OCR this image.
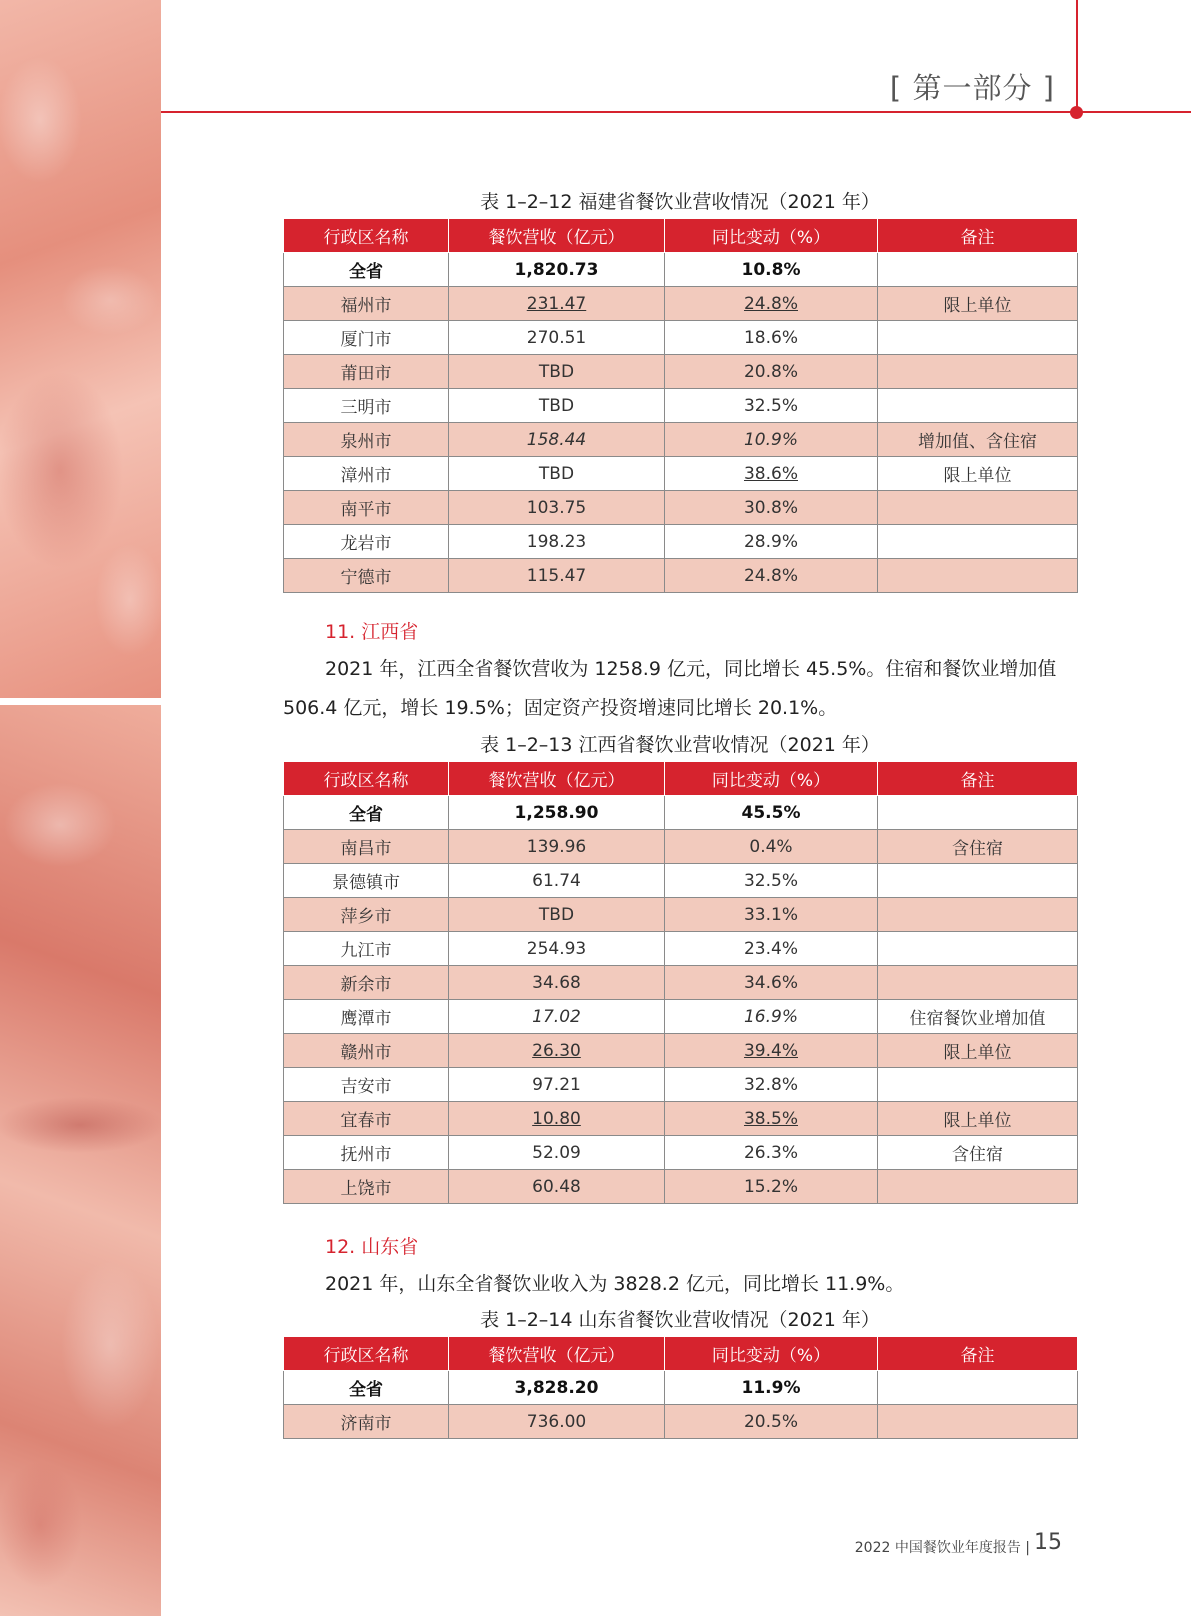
[ 第一部分 ]
表 1–2–12 福建省餐饮业营收情况（2021 年）
行政区名称	餐饮营收（亿元）	同比变动（%）	备注
全省	1,820.73	10.8%	
福州市	231.47	24.8%	限上单位
厦门市	270.51	18.6%	
莆田市	TBD	20.8%	
三明市	TBD	32.5%	
泉州市	158.44	10.9%	增加值、含住宿
漳州市	TBD	38.6%	限上单位
南平市	103.75	30.8%	
龙岩市	198.23	28.9%	
宁德市	115.47	24.8%	
11. 江西省

2021 年，江西全省餐饮营收为 1258.9 亿元，同比增长 45.5%。住宿和餐饮业增加值 506.4 亿元，增长 19.5%；固定资产投资增速同比增长 20.1%。

表 1–2–13 江西省餐饮业营收情况（2021 年）
行政区名称	餐饮营收（亿元）	同比变动（%）	备注
全省	1,258.90	45.5%	
南昌市	139.96	0.4%	含住宿
景德镇市	61.74	32.5%	
萍乡市	TBD	33.1%	
九江市	254.93	23.4%	
新余市	34.68	34.6%	
鹰潭市	17.02	16.9%	住宿餐饮业增加值
赣州市	26.30	39.4%	限上单位
吉安市	97.21	32.8%	
宜春市	10.80	38.5%	限上单位
抚州市	52.09	26.3%	含住宿
上饶市	60.48	15.2%	
12. 山东省

2021 年，山东全省餐饮业收入为 3828.2 亿元，同比增长 11.9%。

表 1–2–14 山东省餐饮业营收情况（2021 年）
行政区名称	餐饮营收（亿元）	同比变动（%）	备注
全省	3,828.20	11.9%	
济南市	736.00	20.5%	
2022 中国餐饮业年度报告 | 15
